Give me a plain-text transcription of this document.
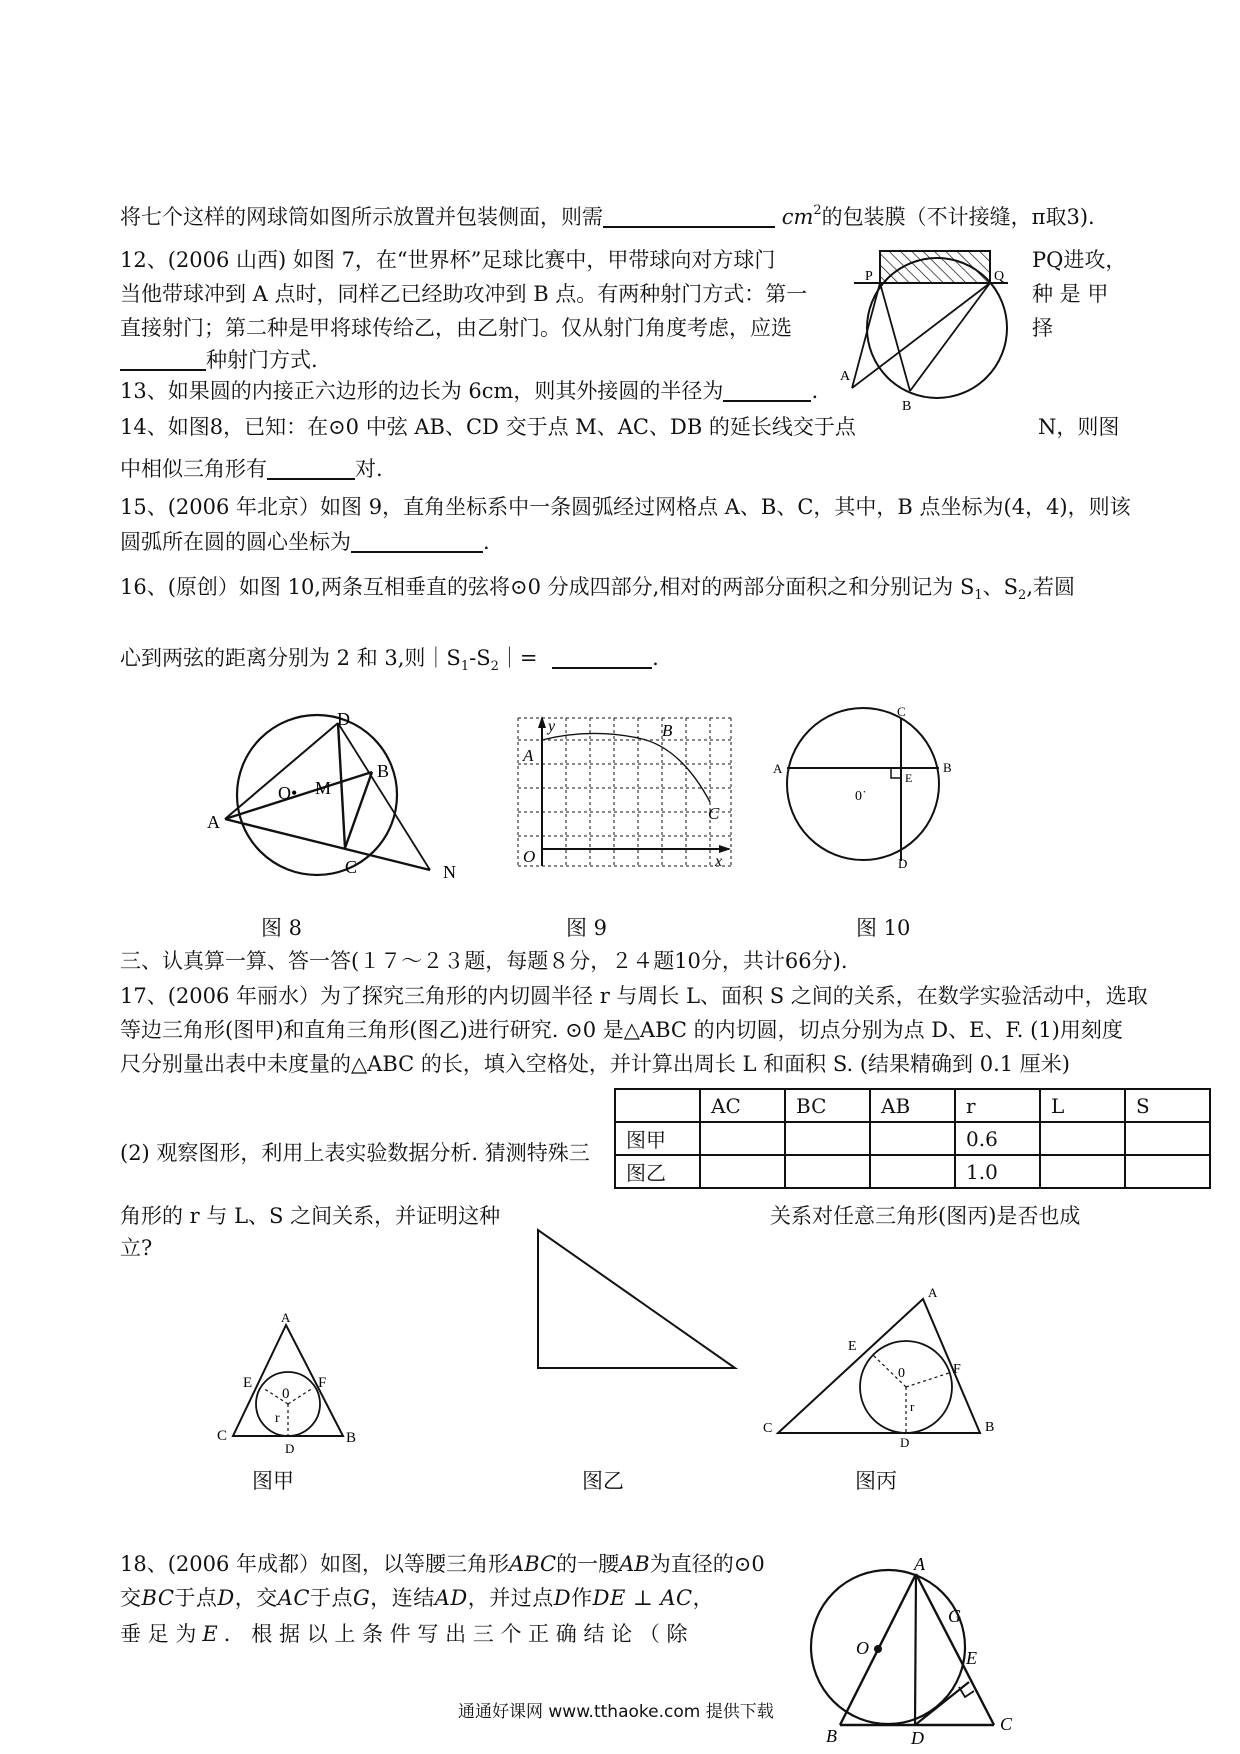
将七个这样的网球筒如图所示放置并包装侧面，则需	$cm^2$的包装膜（不计接缝，π取3).
12、(2006 山西) 如图 7，在“世界杯”足球比赛中，甲带球向对方球门	PQ进攻，
当他带球冲到 A 点时，同样乙已经助攻冲到 B 点。有两种射门方式：第一	种 是 甲
直接射门；第二种是甲将球传给乙，由乙射门。仅从射门角度考虑，应选	择
种射门方式.
P	Q
A
B
13、如果圆的内接正六边形的边长为 6cm，则其外接圆的半径为	.
14、如图8，已知：在⊙0 中弦 AB、CD 交于点 M、AC、DB 的延长线交于点	N，则图
中相似三角形有	对.
15、(2006 年北京）如图 9，直角坐标系中一条圆弧经过网格点 A、B、C，其中，B 点坐标为(4，4)，则该
圆弧所在圆的圆心坐标为	.
16、(原创）如图 10,两条互相垂直的弦将⊙0 分成四部分,相对的两部分面积之和分别记为 $S_1$、$S_2$,若圆
心到两弦的距离分别为 2 和 3,则$|S_1-S_2|=$	.
D
B
O• M
A
C	N
y
A
B
C
O	x
C
A	B
E
0˙
D
图 8	图 9	图 10
三、认真算一算、答一答(１７～２３题，每题８分，２４题10分，共计66分).
17、(2006 年丽水）为了探究三角形的内切圆半径 r 与周长 L、面积 S 之间的关系，在数学实验活动中，选取
等边三角形(图甲)和直角三角形(图乙)进行研究. ⊙0 是△ABC 的内切圆，切点分别为点 D、E、F. (1)用刻度
尺分别量出表中未度量的△ABC 的长，填入空格处，并计算出周长 L 和面积 S. (结果精确到 0.1 厘米)
	AC	BC	AB	r	L	S
图甲				0.6		
图乙				1.0		
(2) 观察图形，利用上表实验数据分析. 猜测特殊三
角形的 r 与 L、S 之间关系，并证明这种	关系对任意三角形(图丙)是否也成
立?
A
E	F
0
r
C
D
B
图甲	图乙
A
E
F
0
r
C
D
B
图丙
18、(2006 年成都）如图，以等腰三角形ABC的一腰AB为直径的⊙0
交BC于点D，交AC于点G，连结AD，并过点D作DE ⊥ AC，
垂 足 为 E ． 根 据 以 上 条 件 写 出 三 个 正 确 结 论 （ 除
A
G
O	E
B	D
C
通通好课网 www.tthaoke.com 提供下载
